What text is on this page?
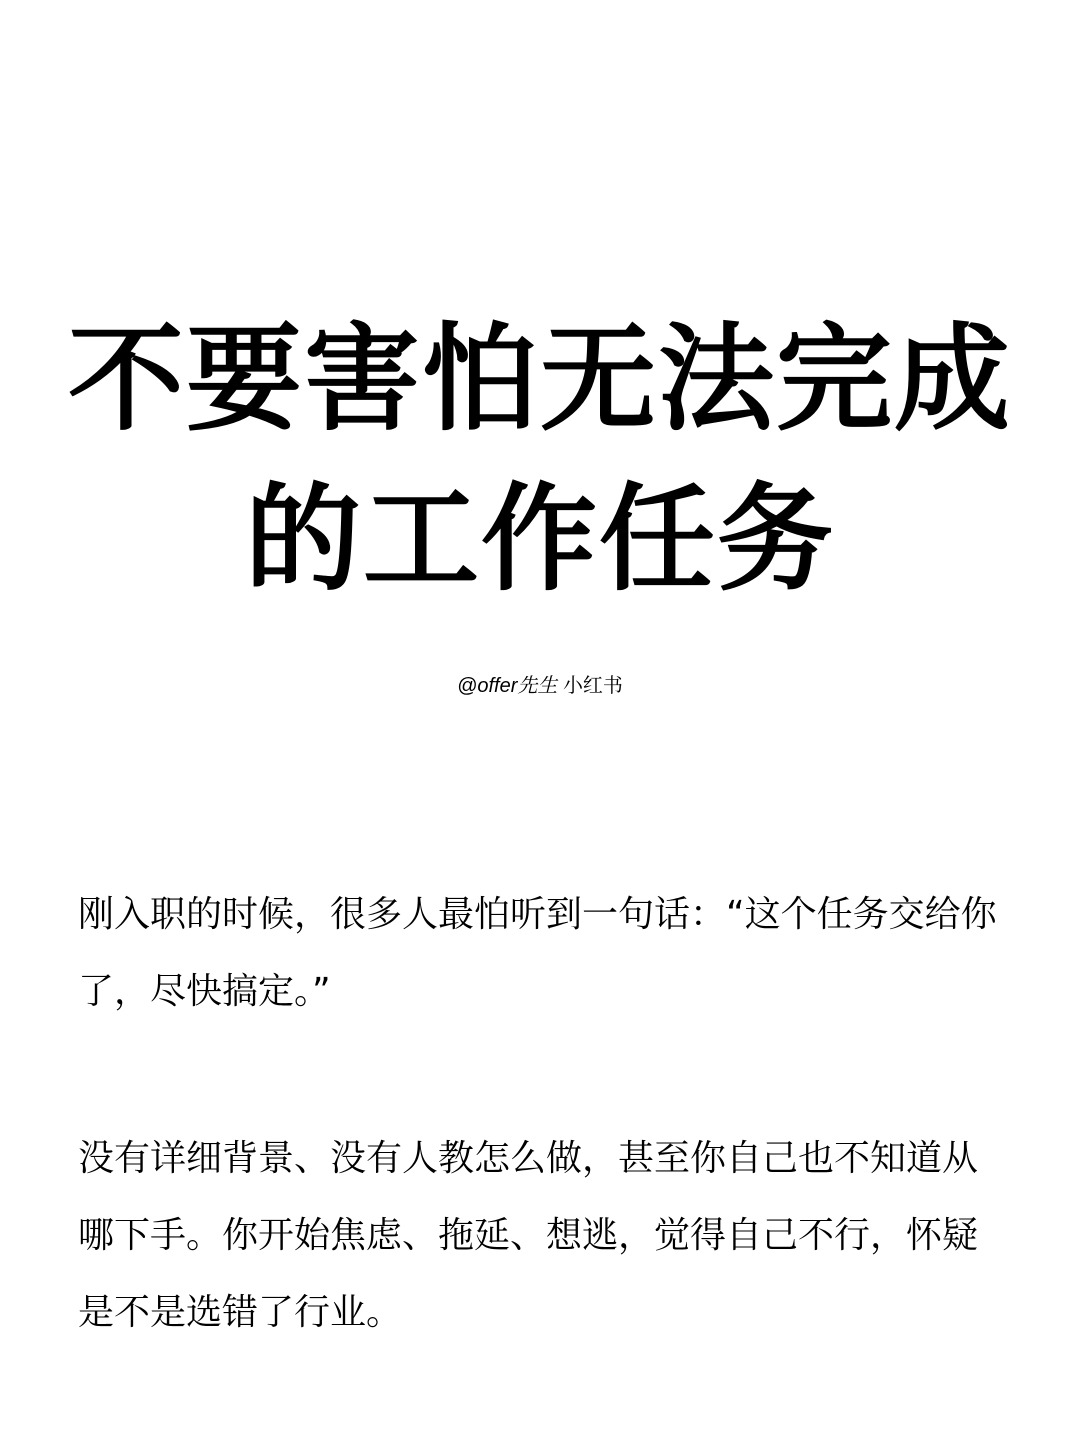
不要害怕无法完成
的工作任务
@offer先生 小红书
刚入职的时候，很多人最怕听到一句话：“这个任务交给你
了，尽快搞定。”
没有详细背景、没有人教怎么做，甚至你自己也不知道从
哪下手。你开始焦虑、拖延、想逃，觉得自己不行，怀疑
是不是选错了行业。
